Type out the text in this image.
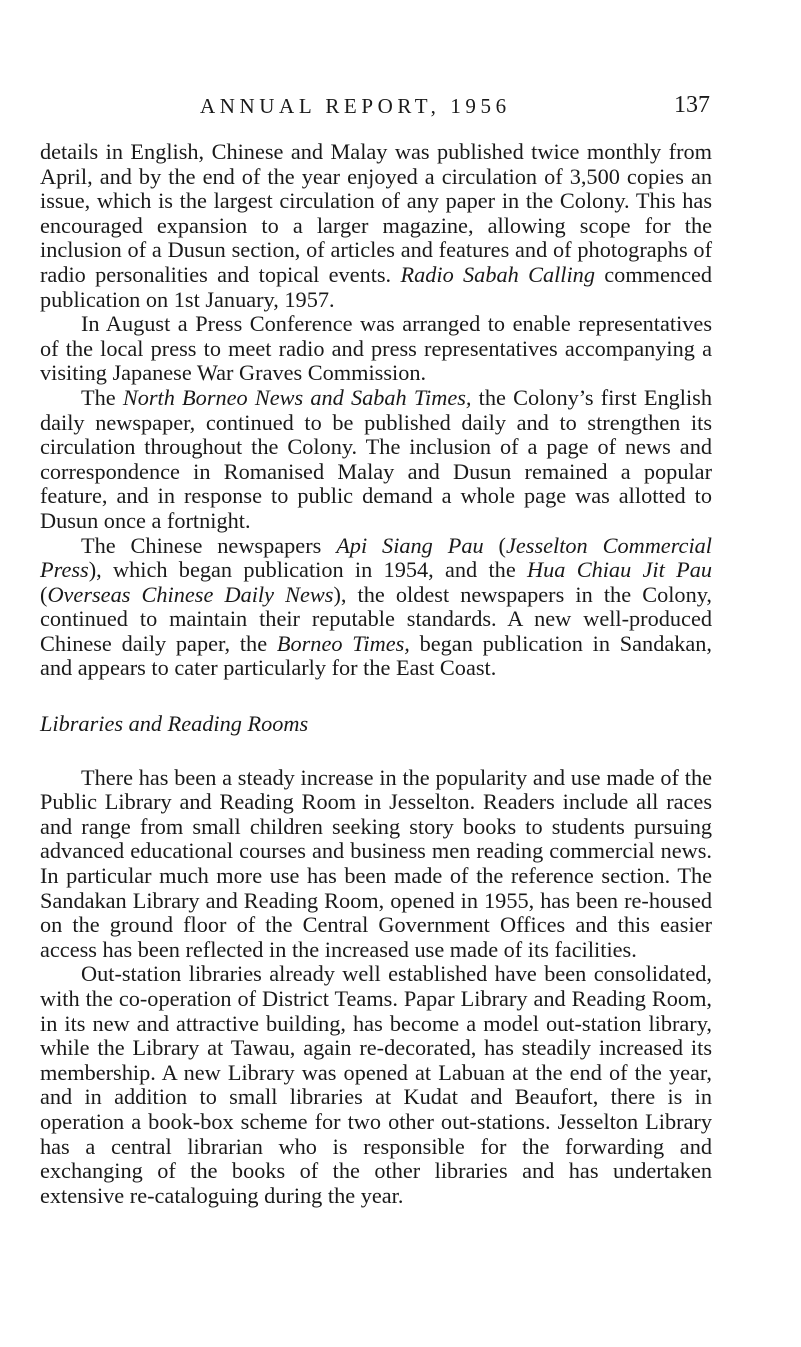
ANNUAL REPORT, 1956	137

details in English, Chinese and Malay was published twice monthly from April, and by the end of the year enjoyed a circulation of 3,500 copies an issue, which is the largest circulation of any paper in the Colony. This has encouraged expansion to a larger magazine, allowing scope for the inclusion of a Dusun section, of articles and features and of photographs of radio personalities and topical events. Radio Sabah Calling commenced publication on 1st January, 1957.

In August a Press Conference was arranged to enable representatives of the local press to meet radio and press representatives accompanying a visiting Japanese War Graves Commission.

The North Borneo News and Sabah Times, the Colony’s first English daily newspaper, continued to be published daily and to strengthen its circulation throughout the Colony. The inclusion of a page of news and correspondence in Romanised Malay and Dusun remained a popular feature, and in response to public demand a whole page was allotted to Dusun once a fortnight.

The Chinese newspapers Api Siang Pau (Jesselton Commercial Press), which began publication in 1954, and the Hua Chiau Jit Pau (Overseas Chinese Daily News), the oldest newspapers in the Colony, continued to maintain their reputable standards. A new well-produced Chinese daily paper, the Borneo Times, began publication in Sandakan, and appears to cater particularly for the East Coast.

Libraries and Reading Rooms

There has been a steady increase in the popularity and use made of the Public Library and Reading Room in Jesselton. Readers include all races and range from small children seeking story books to students pursuing advanced educational courses and business men reading commercial news. In particular much more use has been made of the reference section. The Sandakan Library and Reading Room, opened in 1955, has been re-housed on the ground floor of the Central Government Offices and this easier access has been reflected in the increased use made of its facilities.

Out-station libraries already well established have been consolidated, with the co-operation of District Teams. Papar Library and Reading Room, in its new and attractive building, has become a model out-station library, while the Library at Tawau, again re-decorated, has steadily increased its membership. A new Library was opened at Labuan at the end of the year, and in addition to small libraries at Kudat and Beaufort, there is in operation a book-box scheme for two other out-stations. Jesselton Library has a central librarian who is responsible for the forwarding and exchanging of the books of the other libraries and has undertaken extensive re-cataloguing during the year.
